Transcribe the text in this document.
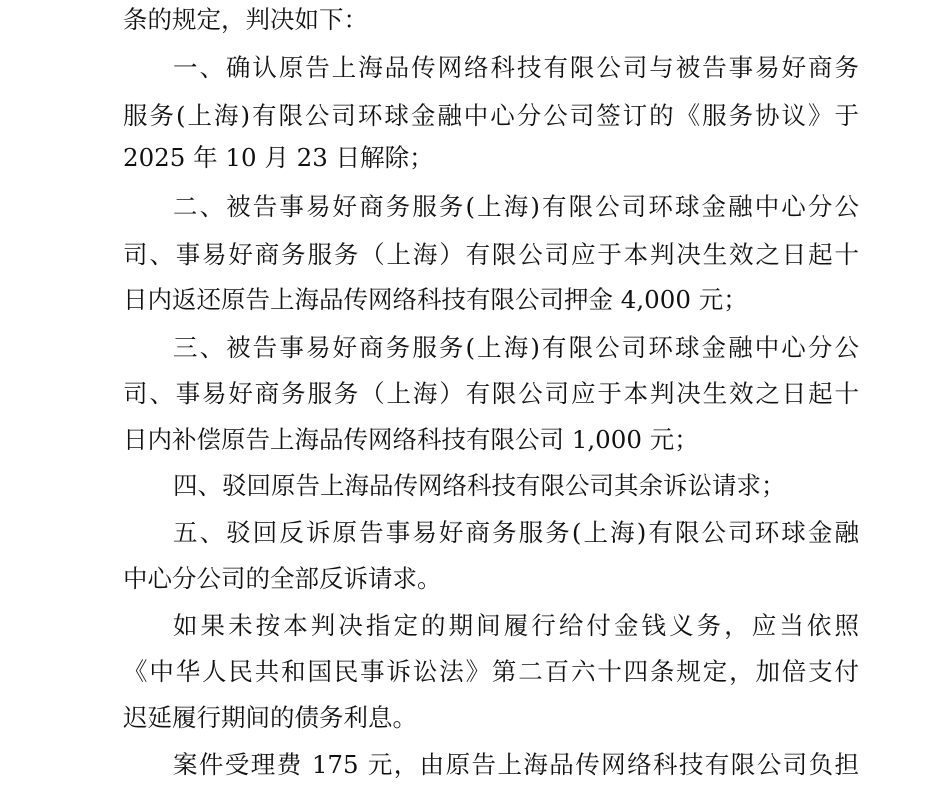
条的规定，判决如下：
一、确认原告上海品传网络科技有限公司与被告事易好商务
服务(上海)有限公司环球金融中心分公司签订的《服务协议》于
2025 年 10 月 23 日解除；
二、被告事易好商务服务(上海)有限公司环球金融中心分公
司、事易好商务服务（上海）有限公司应于本判决生效之日起十
日内返还原告上海品传网络科技有限公司押金 4,000 元；
三、被告事易好商务服务(上海)有限公司环球金融中心分公
司、事易好商务服务（上海）有限公司应于本判决生效之日起十
日内补偿原告上海品传网络科技有限公司 1,000 元；
四、驳回原告上海品传网络科技有限公司其余诉讼请求；
五、驳回反诉原告事易好商务服务(上海)有限公司环球金融
中心分公司的全部反诉请求。
如果未按本判决指定的期间履行给付金钱义务，应当依照
《中华人民共和国民事诉讼法》第二百六十四条规定，加倍支付
迟延履行期间的债务利息。
案件受理费 175 元，由原告上海品传网络科技有限公司负担
